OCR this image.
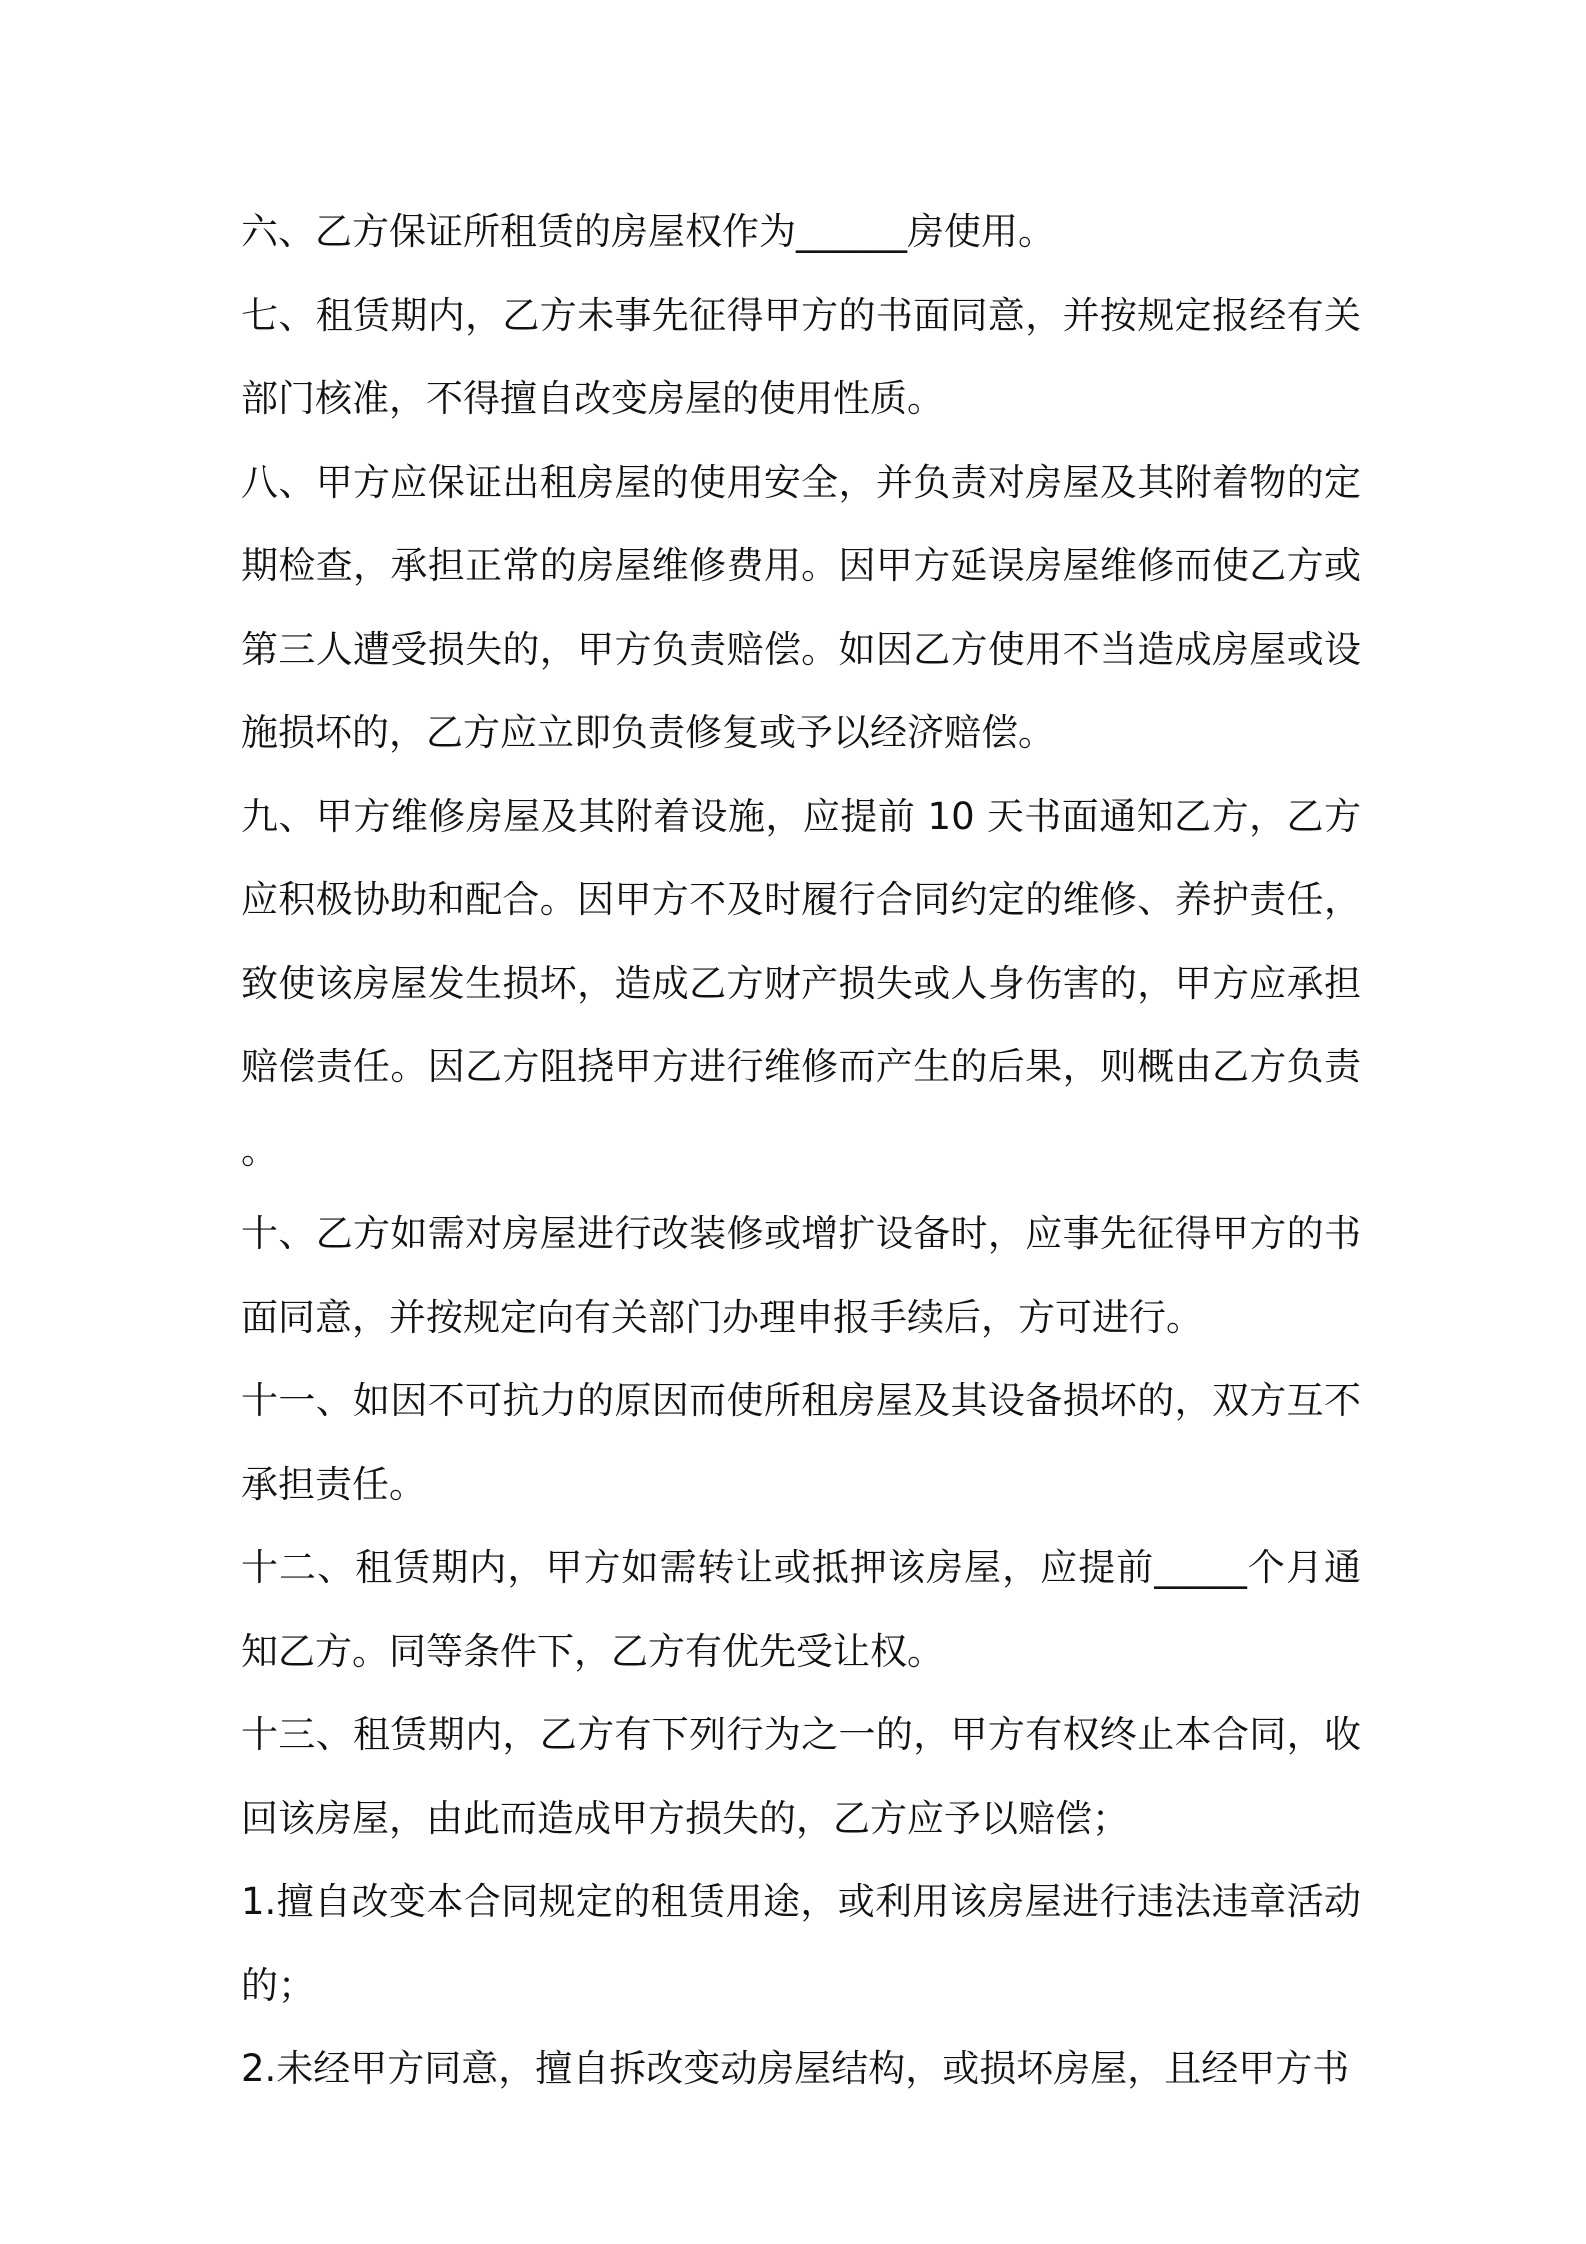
六、乙方保证所租赁的房屋权作为______房使用。

七、租赁期内，乙方未事先征得甲方的书面同意，并按规定报经有关部门核准，不得擅自改变房屋的使用性质。

八、甲方应保证出租房屋的使用安全，并负责对房屋及其附着物的定期检查，承担正常的房屋维修费用。因甲方延误房屋维修而使乙方或第三人遭受损失的，甲方负责赔偿。如因乙方使用不当造成房屋或设施损坏的，乙方应立即负责修复或予以经济赔偿。

九、甲方维修房屋及其附着设施，应提前 10 天书面通知乙方，乙方应积极协助和配合。因甲方不及时履行合同约定的维修、养护责任，致使该房屋发生损坏，造成乙方财产损失或人身伤害的，甲方应承担赔偿责任。因乙方阻挠甲方进行维修而产生的后果，则概由乙方负责。

十、乙方如需对房屋进行改装修或增扩设备时，应事先征得甲方的书面同意，并按规定向有关部门办理申报手续后，方可进行。

十一、如因不可抗力的原因而使所租房屋及其设备损坏的，双方互不承担责任。

十二、租赁期内，甲方如需转让或抵押该房屋，应提前_____个月通知乙方。同等条件下，乙方有优先受让权。

十三、租赁期内，乙方有下列行为之一的，甲方有权终止本合同，收回该房屋，由此而造成甲方损失的，乙方应予以赔偿；

1.擅自改变本合同规定的租赁用途，或利用该房屋进行违法违章活动的；

2.未经甲方同意，擅自拆改变动房屋结构，或损坏房屋，且经甲方书
